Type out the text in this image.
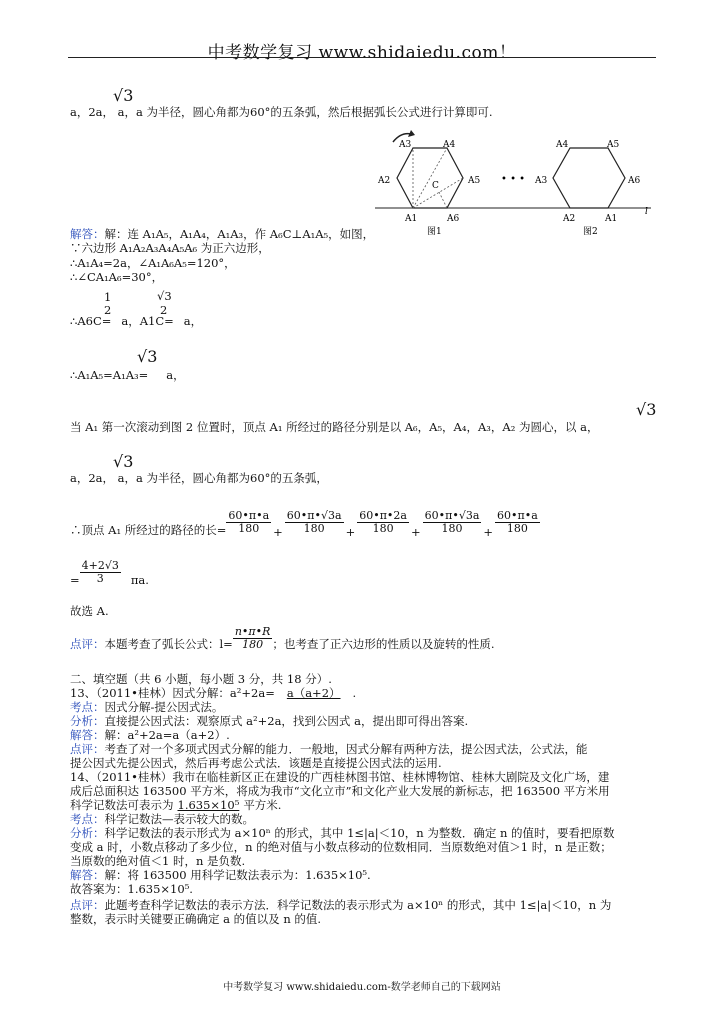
中考数学复习 www.shidaiedu.com！
√3
a，2a， a，a 为半径，圆心角都为60°的五条弧，然后根据弧长公式进行计算即可.
A3	A4
A2	A5
C
A1	A6
图1
• • •
A4	A5
A3	A6
A2	A1
图2
l
解答：解：连 A₁A₅，A₁A₄，A₁A₃，作 A₆C⊥A₁A₅，如图，
∵六边形 A₁A₂A₃A₄A₅A₆ 为正六边形，
∴A₁A₄=2a，∠A₁A₆A₅=120°，
∴∠CA₁A₆=30°，
1
2
√3
2
∴A6C= a，A1C= a，
√3
∴A₁A₅=A₁A₃= a，
√3
当 A₁ 第一次滚动到图 2 位置时，顶点 A₁ 所经过的路径分别是以 A₆，A₅，A₄，A₃，A₂ 为圆心，以 a，
√3
a，2a， a，a 为半径，圆心角都为60°的五条弧，
∴顶点 A₁ 所经过的路径的长= $\frac{60•\pi•a}{180} + \frac{60•\pi•√3a}{180} + \frac{60•\pi•2a}{180} + \frac{60•\pi•√3a}{180} + \frac{60•\pi•a}{180}$
= $\frac{4+2√3}{3} \pi a$.
故选 A.
点评： 本题考查了弧长公式：$l= \frac{n•\pi•R}{180}$ ；也考查了正六边形的性质以及旋转的性质.
二、填空题（共 6 小题，每小题 3 分，共 18 分）.
13、（2011•桂林）因式分解：a²+2a= a（a+2） .
考点：因式分解-提公因式法。
分析：直接提公因式法：观察原式 a²+2a，找到公因式 a，提出即可得出答案.
解答：解：a²+2a=a（a+2）.
点评：考查了对一个多项式因式分解的能力．一般地，因式分解有两种方法，提公因式法，公式法，能
提公因式先提公因式，然后再考虑公式法．该题是直接提公因式法的运用.
14、（2011•桂林）我市在临桂新区正在建设的广西桂林图书馆、桂林博物馆、桂林大剧院及文化广场，建
成后总面积达 163500 平方米，将成为我市“文化立市”和文化产业大发展的新标志，把 163500 平方米用
科学记数法可表示为 1.635×10⁵ 平方米.
考点：科学记数法—表示较大的数。
分析：科学记数法的表示形式为 a×10ⁿ 的形式，其中 1≤|a|＜10，n 为整数．确定 n 的值时，要看把原数
变成 a 时，小数点移动了多少位，n 的绝对值与小数点移动的位数相同．当原数绝对值＞1 时，n 是正数；
当原数的绝对值＜1 时，n 是负数.
解答：解：将 163500 用科学记数法表示为：1.635×10⁵.
故答案为：1.635×10⁵.
点评：此题考查科学记数法的表示方法．科学记数法的表示形式为 a×10ⁿ 的形式，其中 1≤|a|＜10，n 为
整数，表示时关键要正确确定 a 的值以及 n 的值.
中考数学复习 www.shidaiedu.com-数学老师自己的下载网站
